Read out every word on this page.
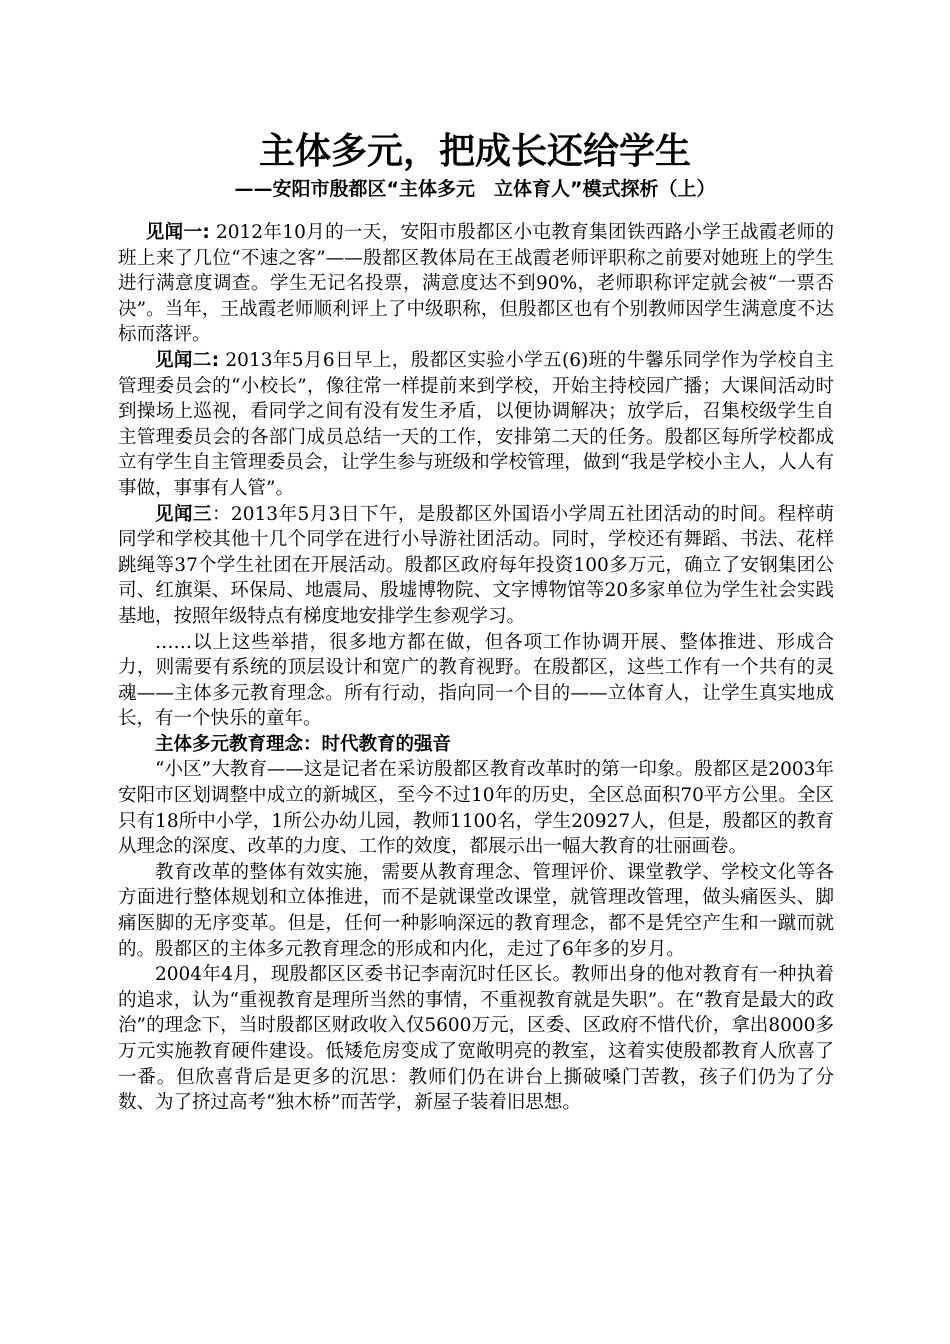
主体多元，把成长还给学生
——安阳市殷都区“主体多元　立体育人”模式探析（上）

见闻一: 2012年10月的一天，安阳市殷都区小屯教育集团铁西路小学王战霞老师的班上来了几位“不速之客”——殷都区教体局在王战霞老师评职称之前要对她班上的学生进行满意度调查。学生无记名投票，满意度达不到90%，老师职称评定就会被“一票否决”。当年，王战霞老师顺利评上了中级职称，但殷都区也有个别教师因学生满意度不达标而落评。

见闻二: 2013年5月6日早上，殷都区实验小学五(6)班的牛馨乐同学作为学校自主管理委员会的“小校长”，像往常一样提前来到学校，开始主持校园广播；大课间活动时到操场上巡视，看同学之间有没有发生矛盾，以便协调解决；放学后，召集校级学生自主管理委员会的各部门成员总结一天的工作，安排第二天的任务。殷都区每所学校都成立有学生自主管理委员会，让学生参与班级和学校管理，做到“我是学校小主人，人人有事做，事事有人管”。

见闻三：2013年5月3日下午，是殷都区外国语小学周五社团活动的时间。程梓萌同学和学校其他十几个同学在进行小导游社团活动。同时，学校还有舞蹈、书法、花样跳绳等37个学生社团在开展活动。殷都区政府每年投资100多万元，确立了安钢集团公司、红旗渠、环保局、地震局、殷墟博物院、文字博物馆等20多家单位为学生社会实践基地，按照年级特点有梯度地安排学生参观学习。

……以上这些举措，很多地方都在做，但各项工作协调开展、整体推进、形成合力，则需要有系统的顶层设计和宽广的教育视野。在殷都区，这些工作有一个共有的灵魂——主体多元教育理念。所有行动，指向同一个目的——立体育人，让学生真实地成长，有一个快乐的童年。

主体多元教育理念：时代教育的强音

“小区”大教育——这是记者在采访殷都区教育改革时的第一印象。殷都区是2003年安阳市区划调整中成立的新城区，至今不过10年的历史，全区总面积70平方公里。全区只有18所中小学，1所公办幼儿园，教师1100名，学生20927人，但是，殷都区的教育从理念的深度、改革的力度、工作的效度，都展示出一幅大教育的壮丽画卷。

教育改革的整体有效实施，需要从教育理念、管理评价、课堂教学、学校文化等各方面进行整体规划和立体推进，而不是就课堂改课堂，就管理改管理，做头痛医头、脚痛医脚的无序变革。但是，任何一种影响深远的教育理念，都不是凭空产生和一蹴而就的。殷都区的主体多元教育理念的形成和内化，走过了6年多的岁月。

2004年4月，现殷都区区委书记李南沉时任区长。教师出身的他对教育有一种执着的追求，认为“重视教育是理所当然的事情，不重视教育就是失职”。在“教育是最大的政治”的理念下，当时殷都区财政收入仅5600万元，区委、区政府不惜代价，拿出8000多万元实施教育硬件建设。低矮危房变成了宽敞明亮的教室，这着实使殷都教育人欣喜了一番。但欣喜背后是更多的沉思：教师们仍在讲台上撕破嗓门苦教，孩子们仍为了分数、为了挤过高考“独木桥”而苦学，新屋子装着旧思想。
